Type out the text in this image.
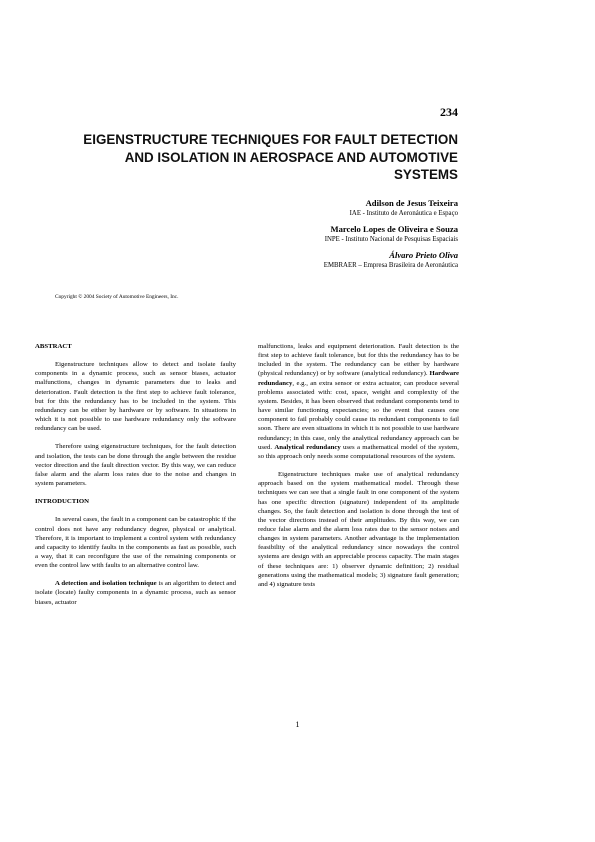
234
EIGENSTRUCTURE TECHNIQUES FOR FAULT DETECTION AND ISOLATION IN AEROSPACE AND AUTOMOTIVE SYSTEMS
Adilson de Jesus Teixeira
IAE - Instituto de Aeronáutica e Espaço
Marcelo Lopes de Oliveira e Souza
INPE - Instituto Nacional de Pesquisas Espaciais
Álvaro Prieto Oliva
EMBRAER – Empresa Brasileira de Aeronáutica
Copyright © 2004 Society of Automotive Engineers, Inc.
ABSTRACT

Eigenstructure techniques allow to detect and isolate faulty components in a dynamic process, such as sensor biases, actuator malfunctions, changes in dynamic parameters due to leaks and deterioration. Fault detection is the first step to achieve fault tolerance, but for this the redundancy has to be included in the system. This redundancy can be either by hardware or by software. In situations in which it is not possible to use hardware redundancy only the software redundancy can be used.

Therefore using eigenstructure techniques, for the fault detection and isolation, the tests can be done through the angle between the residue vector direction and the fault direction vector. By this way, we can reduce false alarm and the alarm loss rates due to the noise and changes in system parameters.

INTRODUCTION

In several cases, the fault in a component can be catastrophic if the control does not have any redundancy degree, physical or analytical. Therefore, it is important to implement a control system with redundancy and capacity to identify faults in the components as fast as possible, such a way, that it can reconfigure the use of the remaining components or even the control law with faults to an alternative control law.

A detection and isolation technique is an algorithm to detect and isolate (locate) faulty components in a dynamic process, such as sensor biases, actuator

malfunctions, leaks and equipment deterioration. Fault detection is the first step to achieve fault tolerance, but for this the redundancy has to be included in the system. The redundancy can be either by hardware (physical redundancy) or by software (analytical redundancy). Hardware redundancy, e.g., an extra sensor or extra actuator, can produce several problems associated with: cost, space, weight and complexity of the system. Besides, it has been observed that redundant components tend to have similar functioning expectancies; so the event that causes one component to fail probably could cause its redundant components to fail soon. There are even situations in which it is not possible to use hardware redundancy; in this case, only the analytical redundancy approach can be used. Analytical redundancy uses a mathematical model of the system, so this approach only needs some computational resources of the system.

Eigenstructure techniques make use of analytical redundancy approach based on the system mathematical model. Through these techniques we can see that a single fault in one component of the system has one specific direction (signature) independent of its amplitude changes. So, the fault detection and isolation is done through the test of the vector directions instead of their amplitudes. By this way, we can reduce false alarm and the alarm loss rates due to the sensor noises and changes in system parameters. Another advantage is the implementation feasibility of the analytical redundancy since nowadays the control systems are design with an appreciable process capacity. The main stages of these techniques are: 1) observer dynamic definition; 2) residual generations using the mathematical models; 3) signature fault generation; and 4) signature tests

1
